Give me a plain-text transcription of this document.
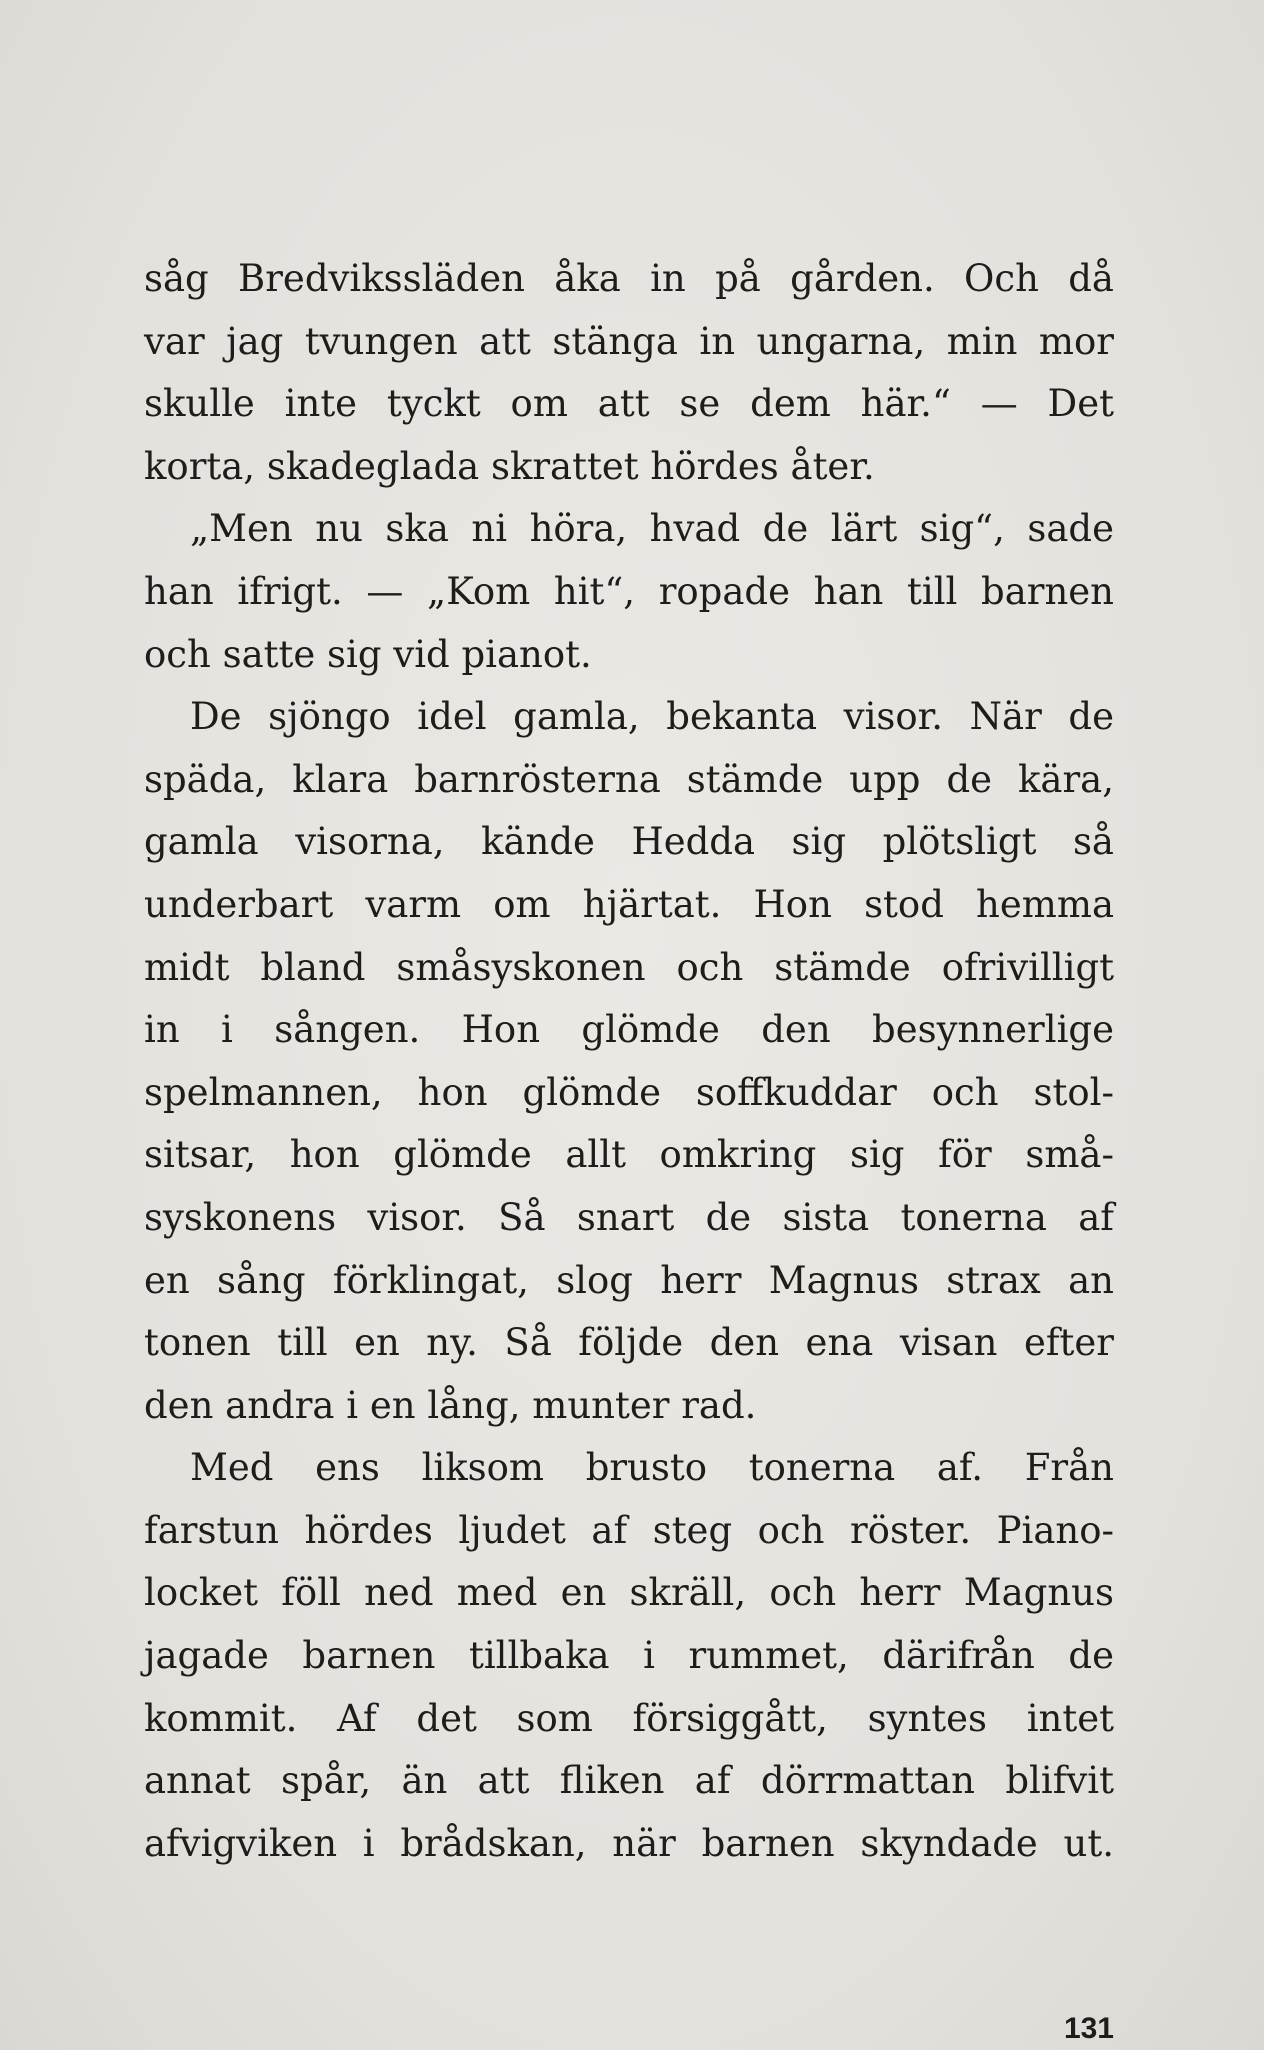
såg Bredvikssläden åka in på gården. Och då
var jag tvungen att stänga in ungarna, min mor
skulle inte tyckt om att se dem här.“ — Det
korta, skadeglada skrattet hördes åter.
„Men nu ska ni höra, hvad de lärt sig“, sade
han ifrigt. — „Kom hit“, ropade han till barnen
och satte sig vid pianot.
De sjöngo idel gamla, bekanta visor. När de
späda, klara barnrösterna stämde upp de kära,
gamla visorna, kände Hedda sig plötsligt så
underbart varm om hjärtat. Hon stod hemma
midt bland småsyskonen och stämde ofrivilligt
in i sången. Hon glömde den besynnerlige
spelmannen, hon glömde soffkuddar och stol-
sitsar, hon glömde allt omkring sig för små-
syskonens visor. Så snart de sista tonerna af
en sång förklingat, slog herr Magnus strax an
tonen till en ny. Så följde den ena visan efter
den andra i en lång, munter rad.
Med ens liksom brusto tonerna af. Från
farstun hördes ljudet af steg och röster. Piano-
locket föll ned med en skräll, och herr Magnus
jagade barnen tillbaka i rummet, därifrån de
kommit. Af det som försiggått, syntes intet
annat spår, än att fliken af dörrmattan blifvit
afvigviken i brådskan, när barnen skyndade ut.
131
